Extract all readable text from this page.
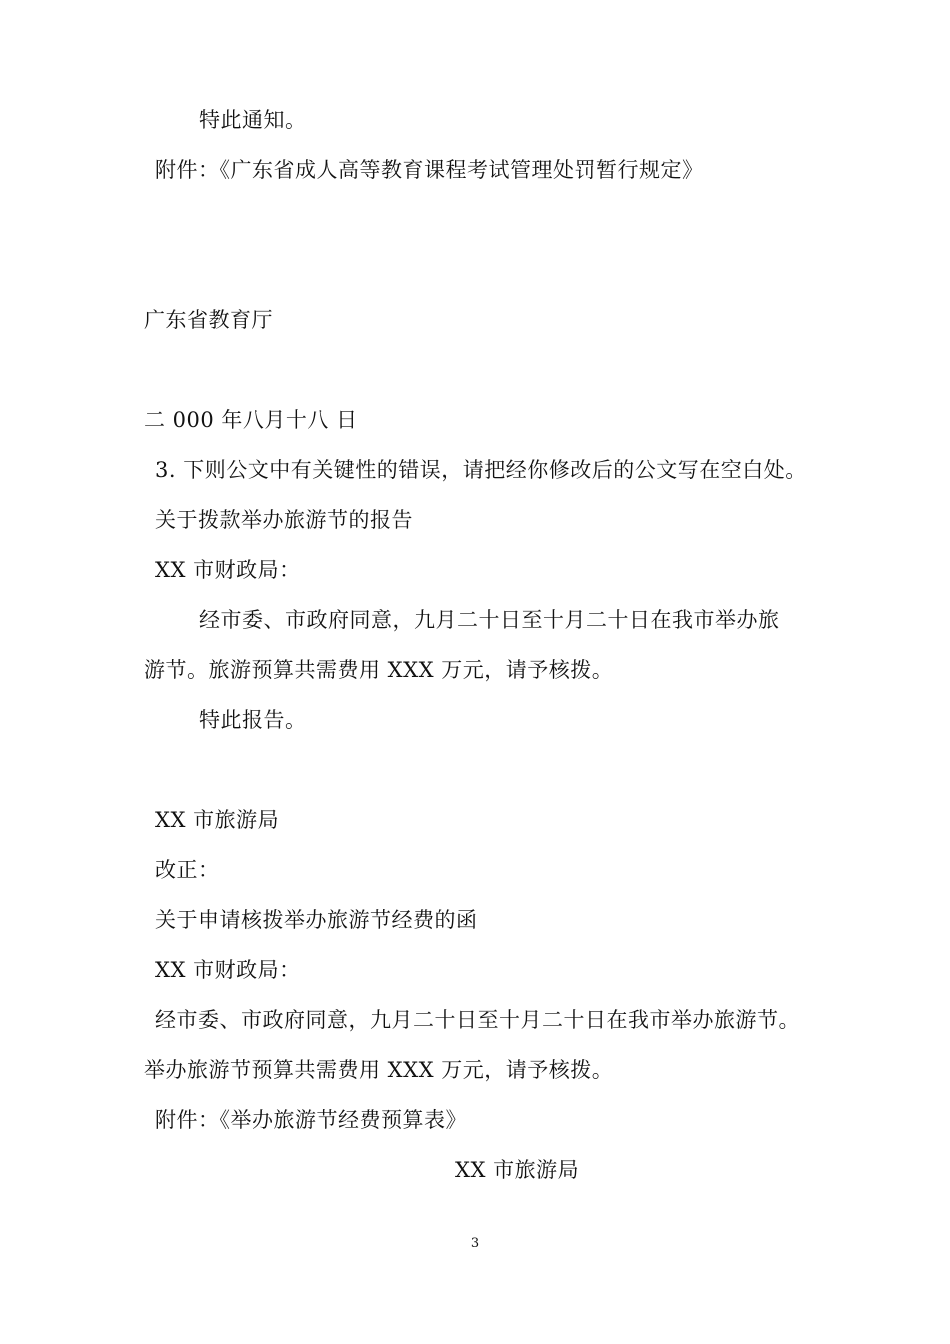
特此通知。
附件：《广东省成人高等教育课程考试管理处罚暂行规定》
广东省教育厅
二 000 年八月十八 日
3. 下则公文中有关键性的错误，请把经你修改后的公文写在空白处。
关于拨款举办旅游节的报告
XX 市财政局：
经市委、市政府同意，九月二十日至十月二十日在我市举办旅
游节。旅游预算共需费用 XXX 万元，请予核拨。
特此报告。
XX 市旅游局
改正：
关于申请核拨举办旅游节经费的函
XX 市财政局：
经市委、市政府同意，九月二十日至十月二十日在我市举办旅游节。
举办旅游节预算共需费用 XXX 万元，请予核拨。
附件：《举办旅游节经费预算表》
XX 市旅游局
3
